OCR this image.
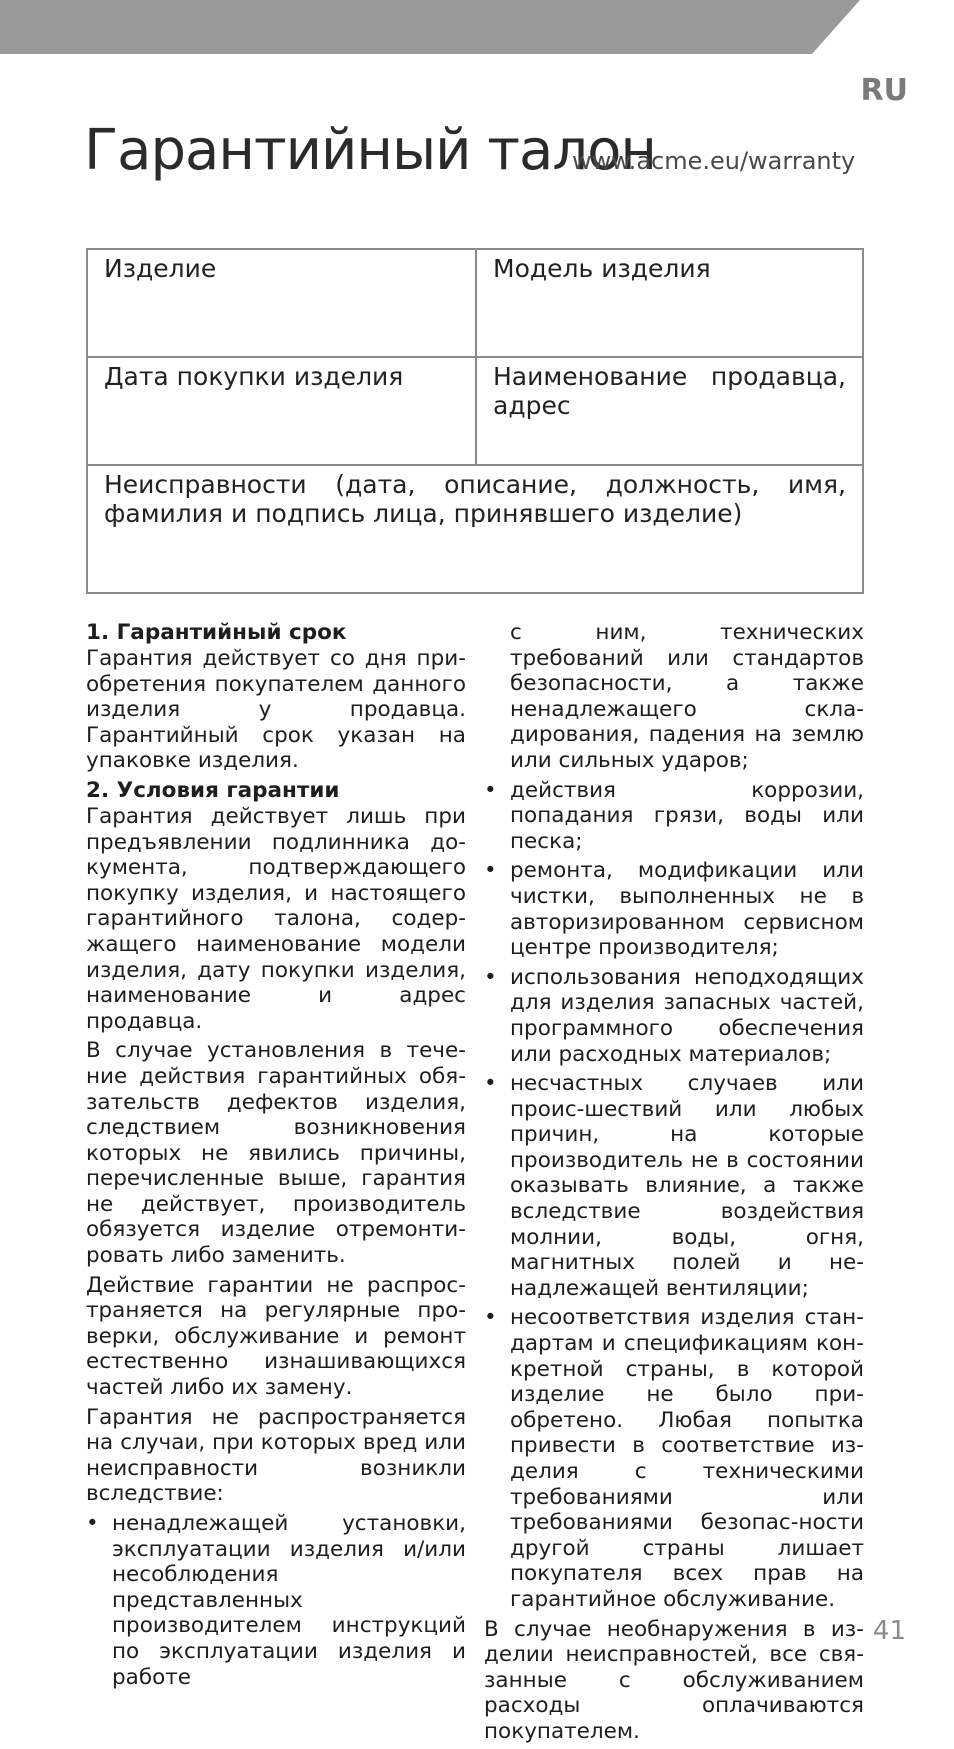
RU
Гарантийный талон
www.acme.eu/warranty
Изделие	Модель изделия
Дата покупки изделия	Наименование продавца, адрес
Неисправности (дата, описание, должность, имя, фамилия и подпись лица, принявшего изделие)
1. Гарантийный срок

Гарантия действует со дня при-обретения покупателем данного изделия у продавца. Гарантийный срок указан на упаковке изделия.

2. Условия гарантии

Гарантия действует лишь при предъявлении подлинника до-кумента, подтверждающего покупку изделия, и настоящего гарантийного талона, содер-жащего наименование модели изделия, дату покупки изделия, наименование и адрес продавца.

В случае установления в тече-ние действия гарантийных обя-зательств дефектов изделия, следствием возникновения которых не явились причины, перечисленные выше, гарантия не действует, производитель обязуется изделие отремонти-ровать либо заменить.

Действие гарантии не распрос-траняется на регулярные про-верки, обслуживание и ремонт естественно изнашивающихся частей либо их замену.

Гарантия не распространяется на случаи, при которых вред или неисправности возникли вследствие:

• ненадлежащей установки, эксплуатации изделия и/или несоблюдения представленных производителем инструкций по эксплуатации изделия и работе

с ним, технических требований или стандартов безопасности, а также ненадлежащего скла-дирования, падения на землю или сильных ударов;

• действия коррозии, попадания грязи, воды или песка;
• ремонта, модификации или чистки, выполненных не в авторизированном сервисном центре производителя;
• использования неподходящих для изделия запасных частей, программного обеспечения или расходных материалов;
• несчастных случаев или проис-шествий или любых причин, на которые производитель не в состоянии оказывать влияние, а также вследствие воздействия молнии, воды, огня, магнитных полей и не-надлежащей вентиляции;
• несоответствия изделия стан-дартам и спецификациям кон-кретной страны, в которой изделие не было при-обретено. Любая попытка привести в соответствие из-делия с техническими требованиями или требованиями безопас-ности другой страны лишает покупателя всех прав на гарантийное обслуживание.

В случае необнаружения в из-делии неисправностей, все свя-занные с обслуживанием расходы оплачиваются покупателем.

41
